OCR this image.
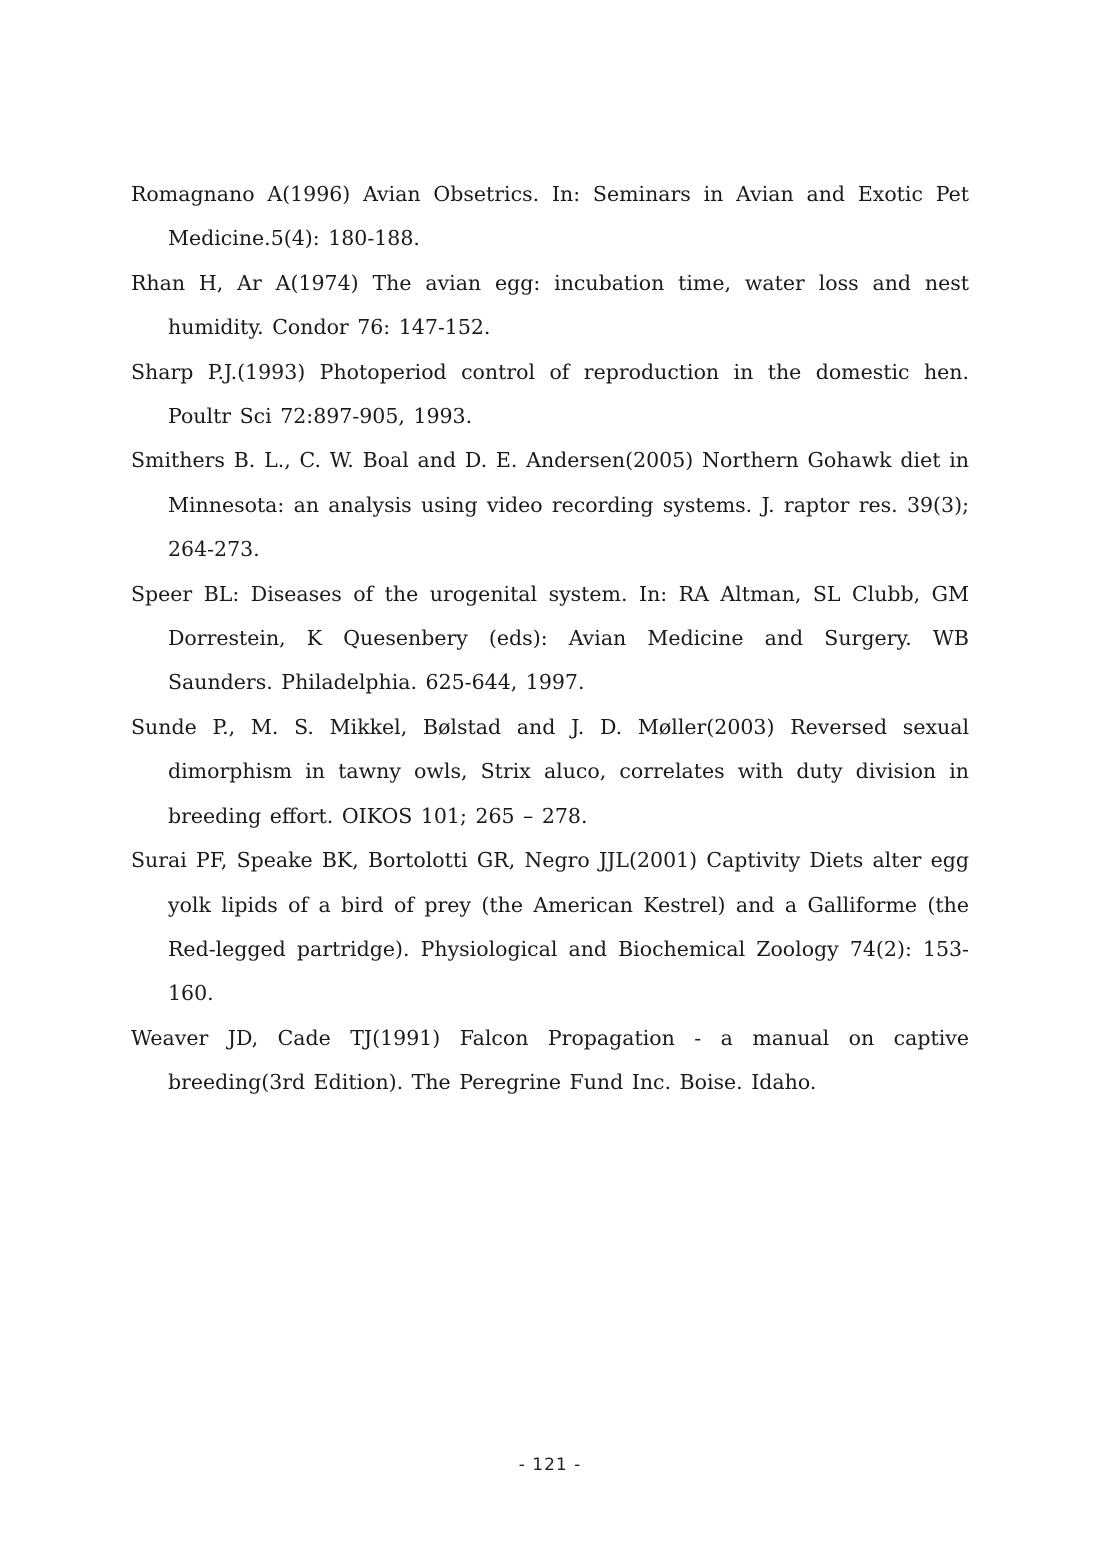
Romagnano A(1996) Avian Obsetrics. In: Seminars in Avian and Exotic Pet Medicine.5(4): 180-188.
Rhan H, Ar A(1974) The avian egg: incubation time, water loss and nest humidity. Condor 76: 147-152.
Sharp P.J.(1993) Photoperiod control of reproduction in the domestic hen. Poultr Sci 72:897-905, 1993.
Smithers B. L., C. W. Boal and D. E. Andersen(2005) Northern Gohawk diet in Minnesota: an analysis using video recording systems. J. raptor res. 39(3); 264-273.
Speer BL: Diseases of the urogenital system. In: RA Altman, SL Clubb, GM Dorrestein, K Quesenbery (eds): Avian Medicine and Surgery. WB Saunders. Philadelphia. 625-644, 1997.
Sunde P., M. S. Mikkel, Bølstad and J. D. Møller(2003) Reversed sexual dimorphism in tawny owls, Strix aluco, correlates with duty division in breeding effort. OIKOS 101; 265 – 278.
Surai PF, Speake BK, Bortolotti GR, Negro JJL(2001) Captivity Diets alter egg yolk lipids of a bird of prey (the American Kestrel) and a Galliforme (the Red-legged partridge). Physiological and Biochemical Zoology 74(2): 153-160.
Weaver JD, Cade TJ(1991) Falcon Propagation - a manual on captive breeding(3rd Edition). The Peregrine Fund Inc. Boise. Idaho.
- 121 -
